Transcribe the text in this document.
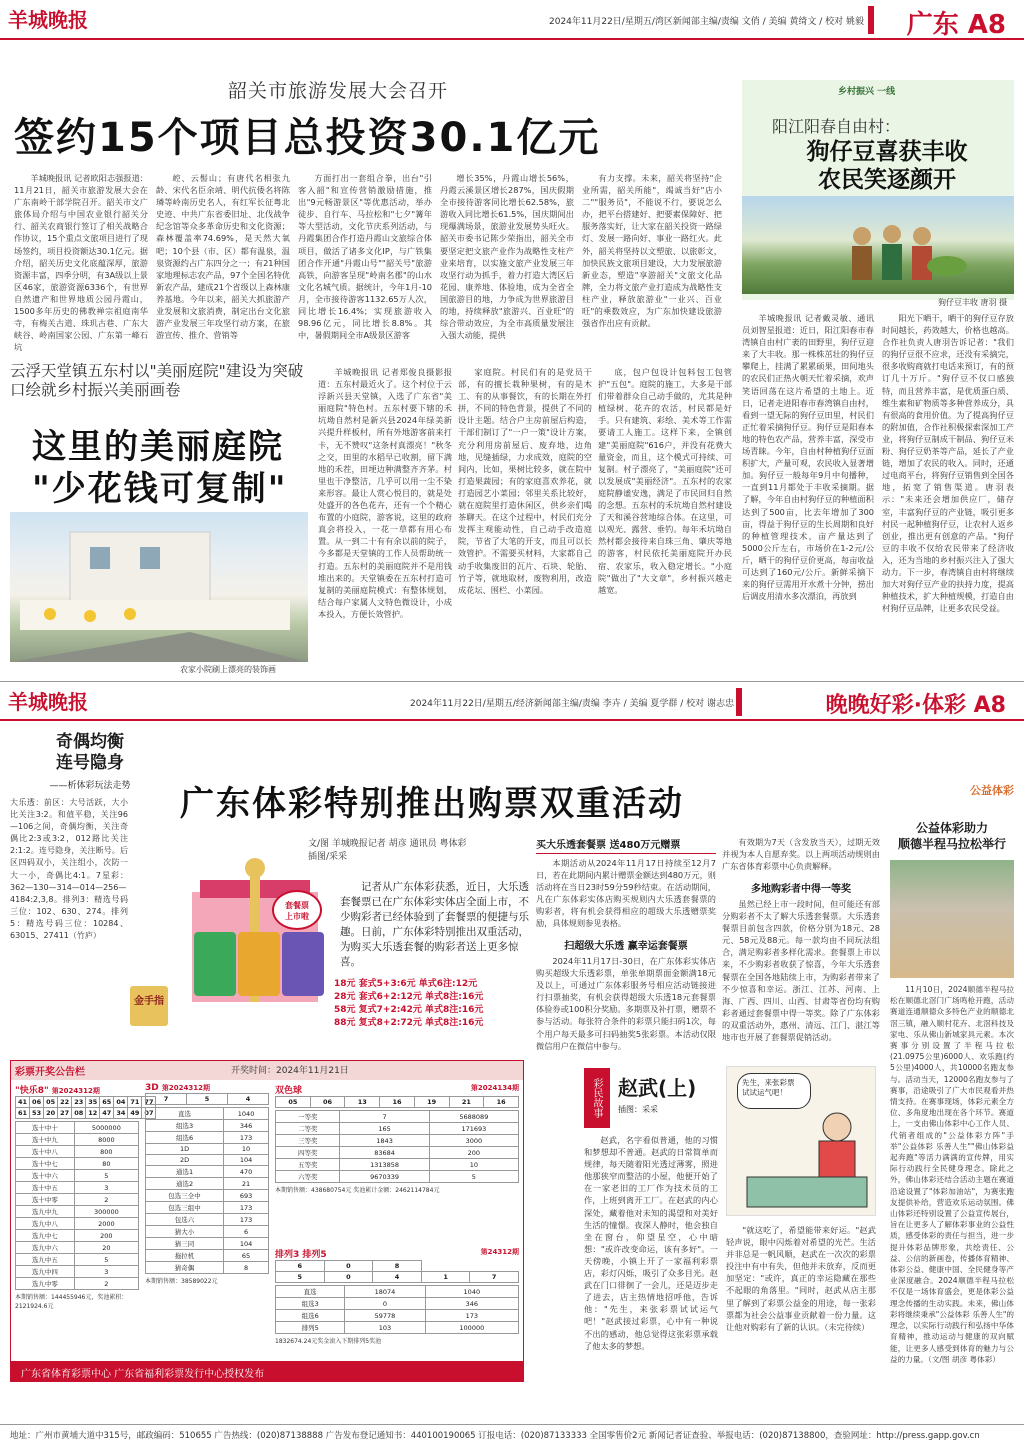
羊城晚报	2024年11月22日/星期五/湾区新闻部主编/责编 文俏 / 美编 黄绮文 / 校对 姚毅 广东 A8
韶关市旅游发展大会召开
签约15个项目总投资30.1亿元

羊城晚报讯 记者欧阳志强报道：11月21日，韶关市旅游发展大会在广东南岭干部学院召开。韶关市文广旅体局介绍与中国农业银行韶关分行、韶关农商银行签订了相关战略合作协议，15个重点文旅项目进行了现场签约，项目投资额达30.1亿元。据介绍，韶关历史文化底蕴深厚，旅游资源丰富，四季分明，有3A级以上景区46家，旅游资源6336个，有世界自然遗产和世界地质公园丹霞山，1500多年历史的佛教禅宗祖庭南华寺，有梅关古道、珠玑古巷、广东大峡谷、岭南国家公园、广东第一峰石坑

崆、云髻山；有唐代名相张九龄、宋代名臣余靖、明代抗倭名将陈璘等岭南历史名人，有红军长征粤北史迹、中共广东省委旧址、北伐战争纪念馆等众多革命历史和文化资源；森林覆盖率74.69%，是天然大氧吧；10个县（市、区）都有温泉，温泉资源约占广东四分之一；有21种国家地理标志农产品，97个全国名特优新农产品，建成21个省级以上森林康养基地。今年以来，韶关大抓旅游产业发展和文旅消费，制定出台文化旅游产业发展三年攻坚行动方案，在旅游宣传、推介、营销等

方面打出一套组合拳，出台"引客入韶"和宣传营销激励措施，推出"9元畅游景区"等优惠活动，举办徒步、自行车、马拉松和"七夕"篝年等大型活动，文化节庆系列活动，与丹霞集团合作打造丹霞山文旅综合体项目，做活了诸多文化IP，与广铁集团合作开通"丹霞山号""韶关号"旅游高铁，向游客呈现"岭南名郡"的山水文化名城气质。据统计，今年1月-10月，全市接待游客1132.65万人次，同比增长16.4%；实现旅游收入98.96亿元，同比增长8.8%。其中，暑假期间全市A级景区游客

增长35%，丹霞山增长56%，丹霞云溪景区增长287%，国庆假期全市接待游客同比增长62.58%，旅游收入同比增长61.5%，国庆期间出现爆满场景，旅游业发展势头旺火。韶关市委书记陈少荣指出，韶关全市要坚定把文旅产业作为战略性支柱产业来培育，以实施文旅产业发展三年攻坚行动为抓手，着力打造大湾区后花园、康养地、体验地，成为全省全国旅游目的地，力争成为世界旅游目的地，持续释放"旅游兴、百业旺"的综合带动效应，为全市高质量发展注入强大动能，提供

有力支撑。未来，韶关将坚持"企业所需，韶关所能"，竭诚当好"店小二""服务员"，不能说不行，要说怎么办，把平台搭建好、把要素保障好、把服务落实好，让大家在韶关投资一路绿灯、发展一路向好、事业一路红火。此外，韶关将坚持以文塑旅、以旅彰文，加快民族文旅项目建设，大力发展旅游新业态，塑造"享游韶关"文旅文化品牌，全力将文旅产业打造成为战略性支柱产业，释放旅游业"一业兴、百业旺"的乘数效应，为广东加快建设旅游强省作出应有贡献。

乡村振兴 一线
阳江阳春自由村：
狗仔豆喜获丰收
农民笑逐颜开
狗仔豆丰收 唐羽 摄

羊城晚报讯 记者戴灵敏、通讯员刘智星报道：近日，阳江阳春市春湾镇自由村广袤的田野里，狗仔豆迎来了大丰收。那一株株茁壮的狗仔豆攀爬上，挂满了累累硕果，田间地头的农民们正热火朝天忙着采摘，欢声笑语回荡在这片希望的土地上。近日，记者走进阳春市春湾镇自由村，看到一望无际的狗仔豆田里，村民们正忙着采摘狗仔豆。狗仔豆是阳春本地的特色农产品，营养丰富，深受市场青睐。今年，自由村种植狗仔豆面积扩大，产量可观，农民收入显著增加。狗仔豆一般每年9月中旬播种，一直到11月都处于丰收采摘期。据了解，今年自由村狗仔豆的种植面积达到了500亩，比去年增加了300亩，得益于狗仔豆的生长周期和良好的种植管理技术，亩产量达到了5000公斤左右，市场价在1-2元/公斤，晒干的狗仔豆价更高，每亩收益可达到了160元/公斤。新鲜采摘下来的狗仔豆需用开水煮十分钟，捞出后调皮用清水多次漂泊，再放到

阳光下晒干，晒干的狗仔豆存放时间越长，药效越大，价格也越高。合作社负责人唐羽告诉记者："我们的狗仔豆很不应求，还没有采摘完，很多收购商就打电话来预订，有的预订几十万斤。"狗仔豆不仅口感独特，而且营养丰富，是优质蛋白质、维生素和矿物质等多种营养成分，具有很高的食用价值。为了提高狗仔豆的附加值，合作社积极探索深加工产业，将狗仔豆制成干制品、狗仔豆米粉、狗仔豆奶茶等产品，延长了产业链，增加了农民的收入。同时，还通过电商平台，将狗仔豆销售到全国各地，拓宽了销售渠道。唐羽表示："未来还会增加供应厂，储存室，丰富狗仔豆的产业链，吸引更多村民一起种植狗仔豆，让农村人返乡创业，推出更有创意的产品。"狗仔豆的丰收不仅给农民带来了经济收入，还为当地的乡村振兴注入了强大动力。下一步，春湾镇自由村将继续加大对狗仔豆产业的扶持力度，提高种植技术，扩大种植规模，打造自由村狗仔豆品牌，让更多农民受益。

云浮天堂镇五东村以"美丽庭院"建设为突破口绘就乡村振兴美丽画卷
这里的美丽庭院
"少花钱可复制"
农家小院刷上漂亮的装饰画

羊城晚报讯 记者郑俊良摄影报道：五东村最近火了。这个村位于云浮新兴县天堂镇，入选了广东省"美丽庭院"特色村。五东村要下辖的禾坑坳自然村是新兴县2024年绿美新兴提升样板村，所有外地游客前来打卡，无不赞叹"这条村真漂亮！"秋冬之交，田里的水稻早已收割，留下满地的禾茬，田埂边种满整齐齐茅。村里也干净整洁，几乎可以用一尘不染来形容。最让人赏心悦目的，就是处处盛开的各色花卉，还有一个个精心布置的小庭院，游客说，这里的政府真会将投入，一花一草都有用心布置。从一到二十有有余以前的院子，今多都是天堂镇的工作人员帮助统一打造。五东村的美丽庭院并不是用钱堆出来的。天堂镇委在五东村打造可复制的美丽庭院模式：有整体规划，结合每户家属人文特色微设计，小成本投入，方便长效管护。

家庭院。村民们有的是党员干部，有的擅长栽种果树，有的是木工、有的从事餐饮，有的长期在外打拼，不同的特色背景，提供了不同的设计主题。结合户主房前屋后构造，干部们制订了"一户一策"设计方案，充分利用房前屋后、废弃地，边角地，见缝插绿，力求成效，庭院的空间内，比如，果树比较多，就在院中打造果蔬园；有的家庭喜欢养花，就打造园艺小菜园；邻里关系比较好，就在庭院里打造休闲区，供乡亲们喝茶聊天。在这个过程中，村民们充分发挥主观能动性，自己动手改造庭院，节省了大笔的开支，而且可以长效管护。不需要买材料，大家都自己动手收集废旧的瓦片、石块、轮胎、竹子等，就地取材，废物利用，改造成花坛、围栏、小菜园。

底，包户包设计包料包工包管护"五包"。庭院的施工，大多是干部们带着群众自己动手做的，尤其是种植绿树、花卉的农活，村民都是好手。只有建筑、彩绘、美术等工作需要请工人施工。这样下来，全镇创建"美丽庭院"616户，并没有花费大量资金，而且，这个模式可持续、可复制。村子漂亮了，"美丽庭院"还可以发展成"美丽经济"。五东村的农家庭院静谧安逸，满足了市民回归自然的念想。五东村的禾坑坳自然村建设了天和溪谷营地综合体。在这里，可以观光、露营、垂钓。每年禾坑坳自然村都会接待来自珠三角、肇庆等地的游客，村民依托美丽庭院开办民宿、农家乐，收入稳定增长。"小庭院"做出了"大文章"，乡村振兴越走越宽。

羊城晚报	2024年11月22日/星期五/经济新闻部主编/责编 李卉 / 美编 夏学群 / 校对 谢志忠	晚晚好彩·体彩 A8
奇偶均衡
连号隐身
——析体彩玩法走势

大乐透：前区：大号活跃，大小比关注3:2。和值平稳，关注96—106之间，奇偶均衡，关注奇偶比2:3或3:2，012路比关注2:1:2。连号隐身，关注断号。后区四码双小，关注组小，次防一大一小，奇偶比4:1。7星彩：362—130—314—014—256—4184:2,3,8。排列3：精选号码三位：102、630、274。排列5：精选号码三位：10284、63015、27411（竹庐）

金手指
广东体彩特别推出购票双重活动
套餐票
上市啦
文/图 羊城晚报记者 胡彦 通讯员 粤体彩
插图/采采
记者从广东体彩获悉，近日，大乐透套餐票已在广东体彩实体店全面上市，不少购彩者已经体验到了套餐票的便捷与乐趣。日前，广东体彩特别推出双重活动，为购买大乐透套餐的购彩者送上更多惊喜。
18元 套式5+3:6元 单式6注:12元
28元 套式6+2:12元 单式8注:16元
58元 复式7+2:42元 单式8注:16元
88元 复式8+2:72元 单式8注:16元
买大乐透套餐票 送480万元赠票

本期活动从2024年11月17日持续至12月7日，若在此期间内累计赠票金额达到480万元，则活动将在当日23时59分59秒结束。在活动期间，凡在广东体彩实体店购买规则内大乐透套餐票的购彩者，将有机会获得相应的超级大乐透赠票奖励，具体规则参见表格。

扫超级大乐透 赢幸运套餐票

2024年11月17日-30日，在广东体彩实体店购买超级大乐透彩票，单张单期票面金额满18元及以上，可通过广东体彩服务号相应活动链接进行扫票抽奖，有机会获得超级大乐透18元套餐票体验券或100积分奖励。多期票及补打票，赠票不参与活动。每张符合条件的彩票只能扫码1次，每个用户每天最多可扫码抽奖5张彩票。本活动仅限微信用户在微信中参与。

有效期为7天（含发放当天），过期无效并视为本人自愿弃奖。以上两项活动规则由广东省体育彩票中心负责解释。

多地购彩者中得一等奖

虽然已经上市一段时间，但可能还有部分购彩者不太了解大乐透套餐票。大乐透套餐票目前包含四款，价格分别为18元、28元、58元及88元。每一款均由不同玩法组合，满足购彩者多样化需求。套餐票上市以来，不少购彩者收获了惊喜，今年大乐透套餐票在全国各地陆续上市，为购彩者带来了不少惊喜和幸运。浙江、江苏、河南、上海、广西、四川、山西、甘肃等省份均有购彩者通过套餐票中得一等奖。除了广东体彩的双重活动外，惠州、清远、江门、湛江等地市也开展了套餐票促销活动。

公益体彩
公益体彩助力
顺德半程马拉松举行

11月10日，2024顺德半程马拉松在顺德北滘门广场鸣枪开跑，活动赛道连通顺德众多特色产业的顺德北滘三镇，融入顺村花卉、北滘科技及家电、乐从佛山新城家具元素。本次赛事分别设置了半程马拉松(21.0975公里)6000人、欢乐跑(约5公里)4000人，共10000名跑友参与。活动当天，12000名跑友参与了赛事，沿途吸引了广大市民观看并热情支持。在赛事现场，体彩元素全方位、多角度地出现在各个环节。赛道上，一支由佛山体彩中心工作人员、代销者组成的"公益体彩方阵"手举"公益体彩 乐善人生""佛山体彩益起奔跑"等活力满满的宣传牌，用实际行动践行全民健身理念。除此之外，佛山体彩还结合活动主题在赛道沿途设置了"体彩加油站"，为赛张跑友提供补给，营造欢乐运动氛围。佛山体彩还特别设置了公益宣传展台，旨在让更多人了解体彩事业的公益性质，感受体彩的责任与担当，进一步提升体彩品牌形象，共绘责任、公益、公信的新画卷，传播体育精神、体彩公益、健康中国、全民健身等产业深度融合。2024顺德半程马拉松不仅是一场体育盛会，更是体彩公益理念传播的生动实践。未来，佛山体彩将继续秉承"公益体彩 乐善人生"的理念，以实际行动践行和弘扬中华体育精神，推动运动与健康的双向赋能，让更多人感受到体育的魅力与公益的力量。（文/图 胡彦 粤体彩）

彩票开奖公告栏	开奖时间：2024年11月21日
"快乐8" 第2024312期
41	06	05	22	23	35	65	04	71	77
61	53	20	27	08	12	47	34	49	07
选十中十	5000000
选十中九	8000
选十中八	800
选十中七	80
选十中六	5
选十中五	3
选十中零	2
选九中九	300000
选九中八	2000
选九中七	200
选九中六	20
选九中五	5
选九中四	3
选九中零	2
本期销售额：144455946元，奖池累积：2121924.6元
3D 第2024312期
7	5	4
直选	1040
组选3	346
组选6	173
1D	10
2D	104
通选1	470
通选2	21
包选三全中	693
包选三组中	173
包选六	173
猜大小	6
猜三同	104
拖拉机	65
猜奇偶	8
本期销售额：38589022元
双色球	第2024134期
05	06	13	16	19	21	16
一等奖	7	5688089
二等奖	165	171693
三等奖	1843	3000
四等奖	83684	200
五等奖	1313858	10
六等奖	9670339	5
本期销售额：438680754元 奖池累计金额：2462114784元
排列3 排列5	第24312期
6	0	8		
5	0	4	1	7
直选	18074	1040
组选3	0	346
组选6	59778	173
排列5	103	100000
1832674.24元奖金滚入下期排列5奖池
广东省体育彩票中心 广东省福利彩票发行中心授权发布
彩民故事 赵武(上)
插图：采采

赵武，名字看似普通，他的习惯和梦想却不普通。赵武的日常简单而规律，每天随着阳光透过薄雾，照进他那狭窄而整洁的小屋，他便开始了在一家老旧的工厂作为技术员的工作，上班到离开工厂。在赵武的内心深处，藏着他对未知的渴望和对美好生活的憧憬。夜深人静时，他会独自坐在窗台，仰望星空，心中暗想："或许改变命运，该有多好"。一天傍晚，小镇上开了一家福利彩票店，彩灯闪烁，吸引了众多目光。赵武在门口徘徊了一会儿，还是迈步走了进去，店主热情地招呼他，告诉他："先生，来张彩票试试运气吧！"赵武接过彩票，心中有一种说不出的感动，他总觉得这张彩票承载了他太多的梦想。

先生，来张彩票
试试运气吧！

"就这吃了，希望能带来好运。"赵武轻声说，眼中闪烁着对希望的光芒。生活并非总是一帆风顺，赵武在一次次的彩票投注中有中有失，但他并未放弃，反而更加坚定："或许，真正的幸运隐藏在那些不起眼的角落里。"同时，赵武从店主那里了解到了彩票公益金的用途，每一张彩票都为社会公益事业贡献着一份力量。这让他对购彩有了新的认识。（未完待续）

地址：广州市黄埔大道中315号，邮政编码：510655 广告热线：(020)87138888 广告发布登记通知书：440100190065 订报电话：(020)87133333 全国零售价2元 新闻记者证查验、举报电话：(020)87138800，查验网址：http://press.gapp.gov.cn
